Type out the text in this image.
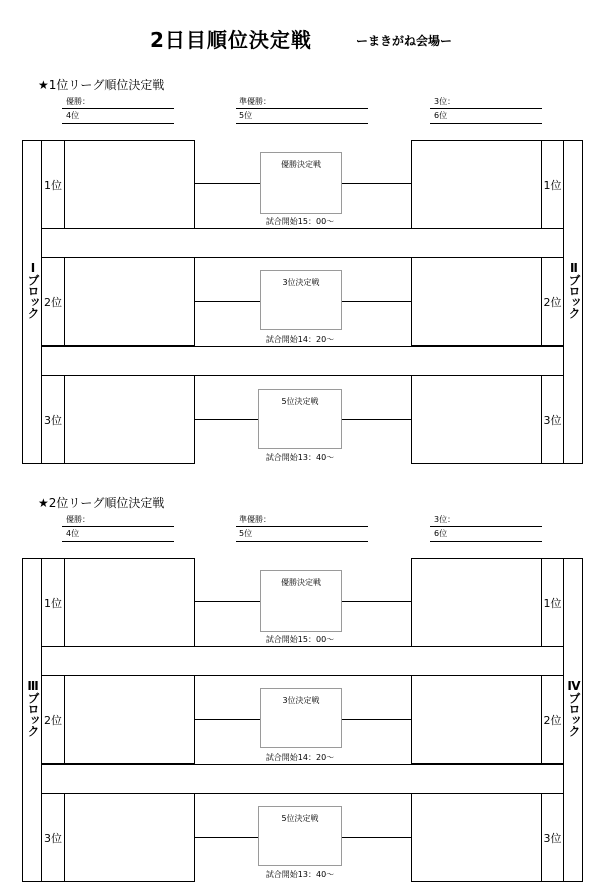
2日目順位決定戦	ーまきがね会場ー
★1位リーグ順位決定戦
優勝：
4位
準優勝：
5位
3位：
6位
Ⅰブロック	Ⅱブロック
1位
優勝決定戦
試合開始15：00～
1位
2位
3位決定戦
試合開始14：20～
2位
3位
5位決定戦
試合開始13：40～
3位
★2位リーグ順位決定戦
優勝：
4位
準優勝：
5位
3位：
6位
Ⅲブロック	Ⅳブロック
1位
優勝決定戦
試合開始15：00～
1位
2位
3位決定戦
試合開始14：20～
2位
3位
5位決定戦
試合開始13：40～
3位
